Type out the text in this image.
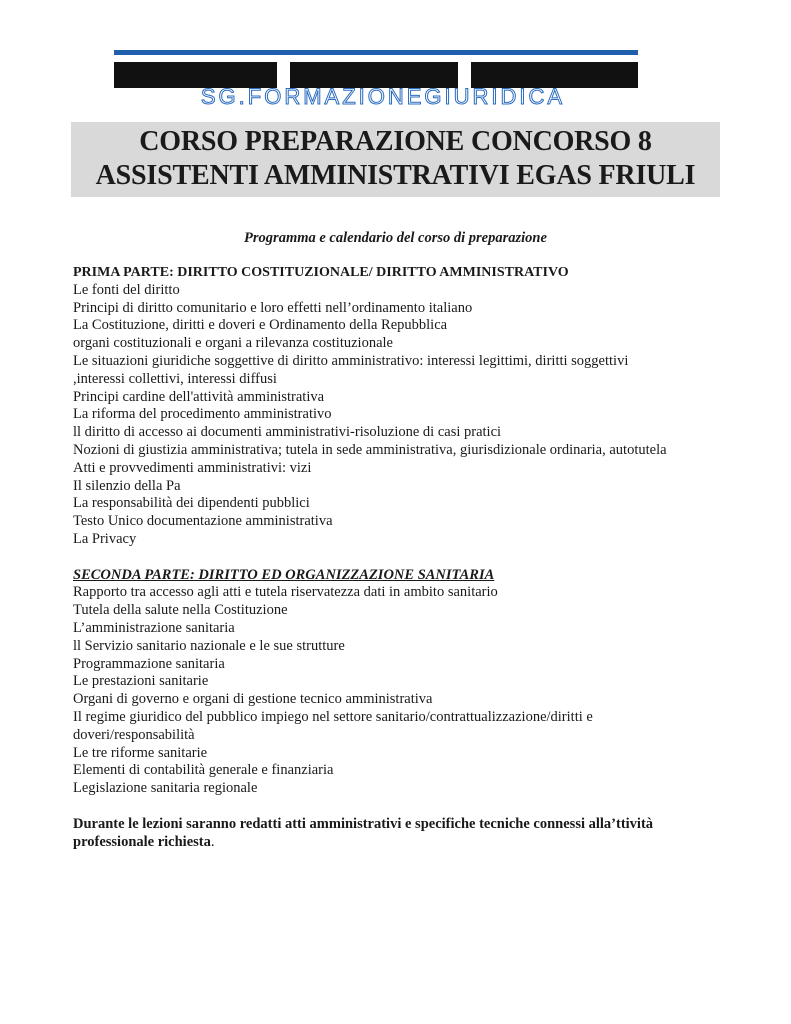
SG.FORMAZIONEGIURIDICA
CORSO PREPARAZIONE CONCORSO 8
ASSISTENTI AMMINISTRATIVI EGAS FRIULI
Programma e calendario del corso di preparazione
PRIMA PARTE: DIRITTO COSTITUZIONALE/ DIRITTO AMMINISTRATIVO
Le fonti del diritto
Principi di diritto comunitario e loro effetti nell’ordinamento italiano
La Costituzione, diritti e doveri e Ordinamento della Repubblica
organi costituzionali e organi a rilevanza costituzionale
Le situazioni giuridiche soggettive di diritto amministrativo: interessi legittimi, diritti soggettivi
,interessi collettivi, interessi diffusi
Principi cardine dell'attività amministrativa
La riforma del procedimento amministrativo
ll diritto di accesso ai documenti amministrativi-risoluzione di casi pratici
Nozioni di giustizia amministrativa; tutela in sede amministrativa, giurisdizionale ordinaria, autotutela
Atti e provvedimenti amministrativi: vizi
Il silenzio della Pa
La responsabilità dei dipendenti pubblici
Testo Unico documentazione amministrativa
La Privacy
SECONDA PARTE: DIRITTO ED ORGANIZZAZIONE SANITARIA
Rapporto tra accesso agli atti e tutela riservatezza dati in ambito sanitario
Tutela della salute nella Costituzione
L’amministrazione sanitaria
ll Servizio sanitario nazionale e le sue strutture
Programmazione sanitaria
Le prestazioni sanitarie
Organi di governo e organi di gestione tecnico amministrativa
Il regime giuridico del pubblico impiego nel settore sanitario/contrattualizzazione/diritti e
doveri/responsabilità
Le tre riforme sanitarie
Elementi di contabilità generale e finanziaria
Legislazione sanitaria regionale
Durante le lezioni saranno redatti atti amministrativi e specifiche tecniche connessi alla’ttività
professionale richiesta.
